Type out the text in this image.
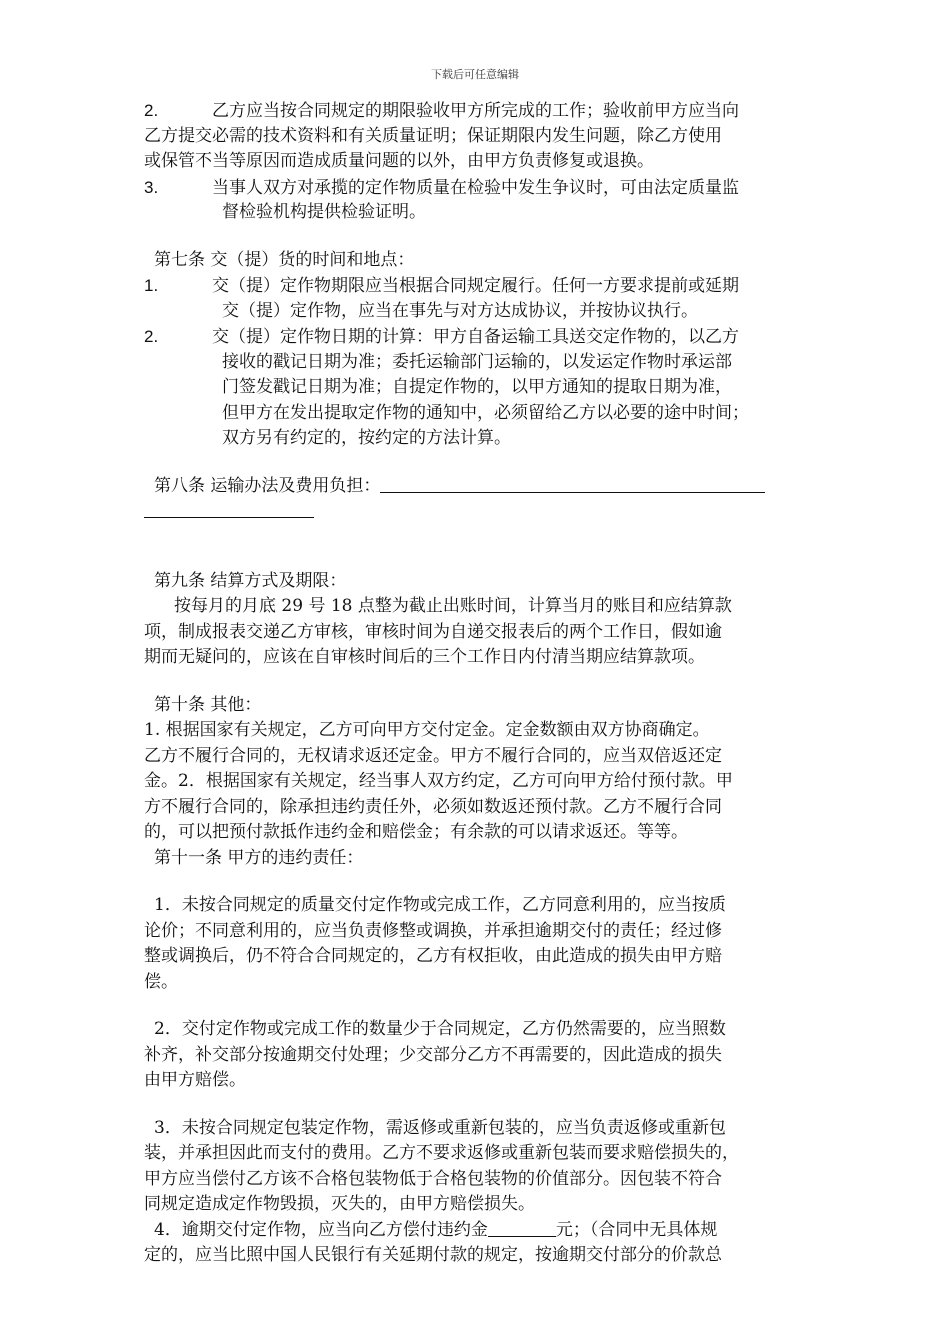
下载后可任意编辑
2.	乙方应当按合同规定的期限验收甲方所完成的工作；验收前甲方应当向
乙方提交必需的技术资料和有关质量证明；保证期限内发生问题，除乙方使用
或保管不当等原因而造成质量问题的以外，由甲方负责修复或退换。
3.	当事人双方对承揽的定作物质量在检验中发生争议时，可由法定质量监
督检验机构提供检验证明。
第七条 交（提）货的时间和地点：
1.	交（提）定作物期限应当根据合同规定履行。任何一方要求提前或延期
交（提）定作物，应当在事先与对方达成协议，并按协议执行。
2.	交（提）定作物日期的计算：甲方自备运输工具送交定作物的，以乙方
接收的戳记日期为准；委托运输部门运输的，以发运定作物时承运部
门签发戳记日期为准；自提定作物的，以甲方通知的提取日期为准，
但甲方在发出提取定作物的通知中，必须留给乙方以必要的途中时间；
双方另有约定的，按约定的方法计算。
第八条 运输办法及费用负担：
第九条 结算方式及期限：
按每月的月底 29 号 18 点整为截止出账时间，计算当月的账目和应结算款
项，制成报表交递乙方审核，审核时间为自递交报表后的两个工作日，假如逾
期而无疑问的，应该在自审核时间后的三个工作日内付清当期应结算款项。
第十条 其他：
1. 根据国家有关规定，乙方可向甲方交付定金。定金数额由双方协商确定。
乙方不履行合同的，无权请求返还定金。甲方不履行合同的，应当双倍返还定
金。2．根据国家有关规定，经当事人双方约定，乙方可向甲方给付预付款。甲
方不履行合同的，除承担违约责任外，必须如数返还预付款。乙方不履行合同
的，可以把预付款抵作违约金和赔偿金；有余款的可以请求返还。等等。
第十一条 甲方的违约责任：
1．未按合同规定的质量交付定作物或完成工作，乙方同意利用的，应当按质
论价；不同意利用的，应当负责修整或调换，并承担逾期交付的责任；经过修
整或调换后，仍不符合合同规定的，乙方有权拒收，由此造成的损失由甲方赔
偿。
2．交付定作物或完成工作的数量少于合同规定，乙方仍然需要的，应当照数
补齐，补交部分按逾期交付处理；少交部分乙方不再需要的，因此造成的损失
由甲方赔偿。
3．未按合同规定包装定作物，需返修或重新包装的，应当负责返修或重新包
装，并承担因此而支付的费用。乙方不要求返修或重新包装而要求赔偿损失的，
甲方应当偿付乙方该不合格包装物低于合格包装物的价值部分。因包装不符合
同规定造成定作物毁损，灭失的，由甲方赔偿损失。
4．逾期交付定作物，应当向乙方偿付违约金	元；（合同中无具体规
定的，应当比照中国人民银行有关延期付款的规定，按逾期交付部分的价款总
